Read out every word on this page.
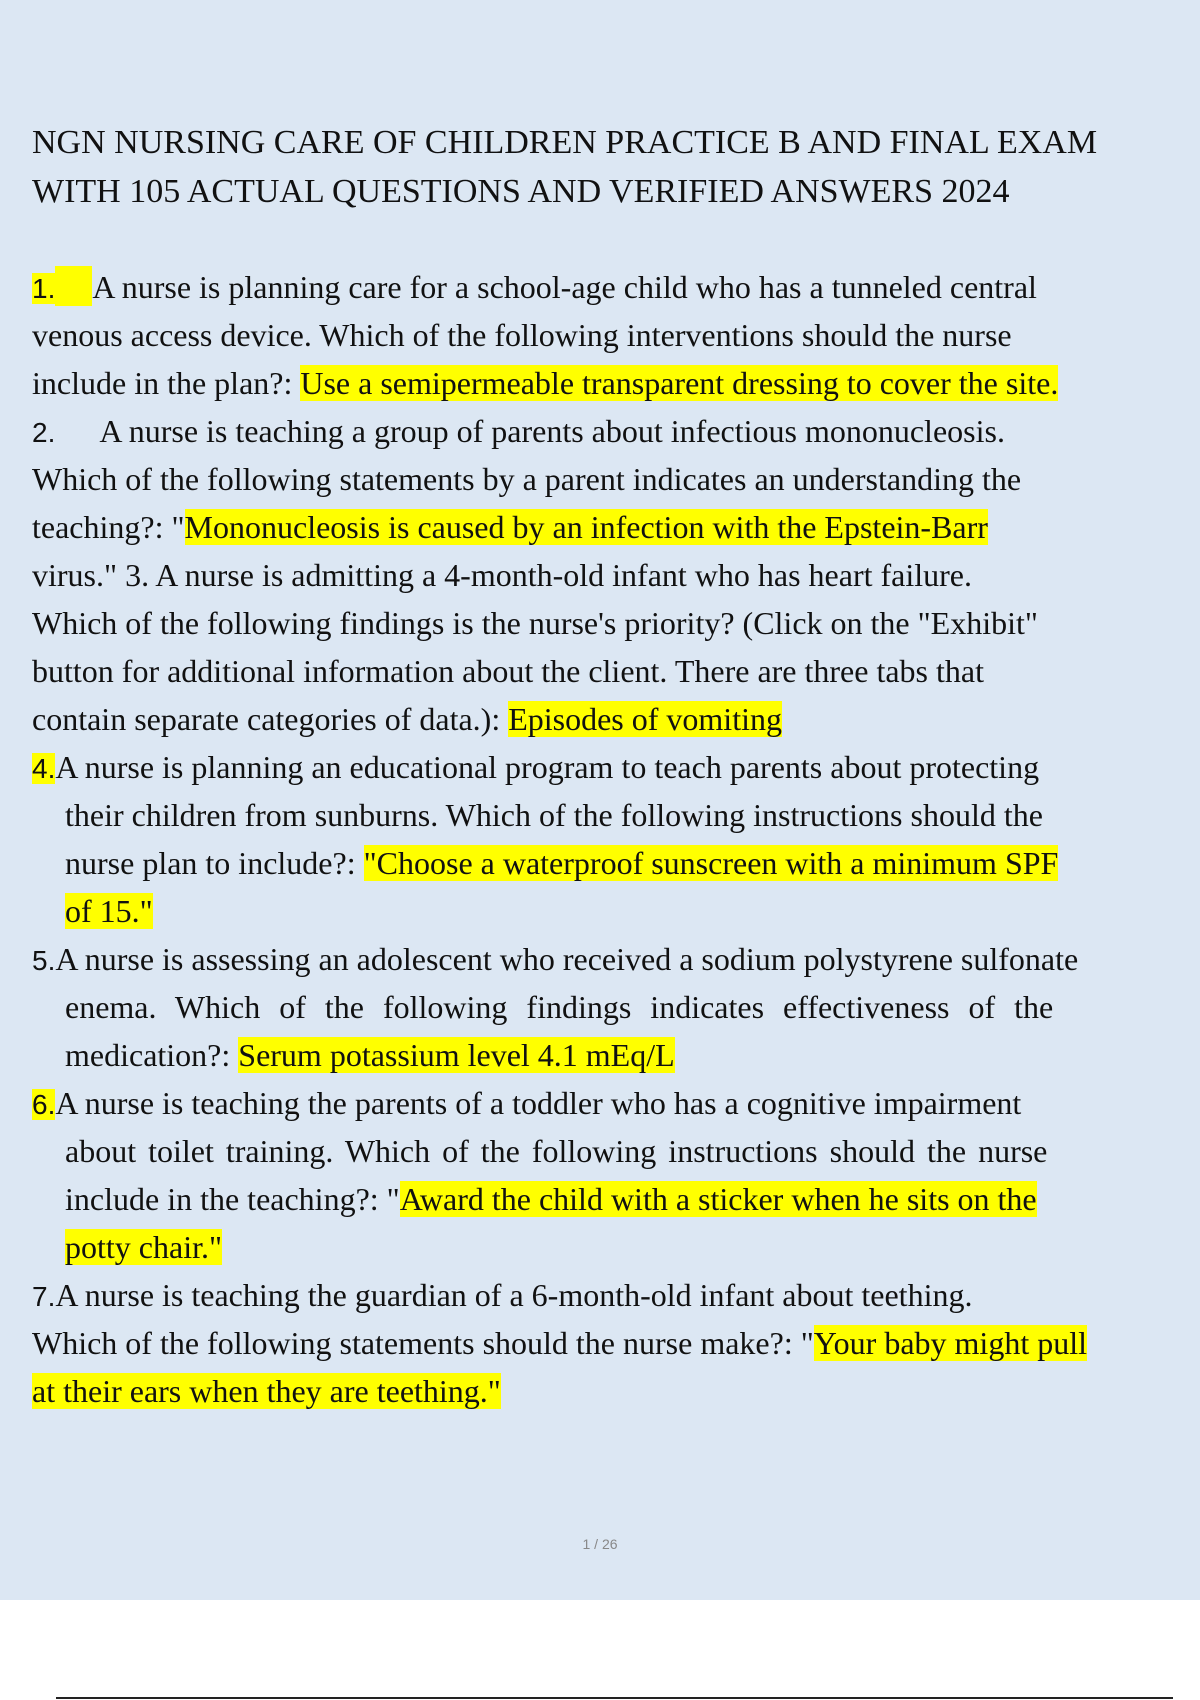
NGN NURSING CARE OF CHILDREN PRACTICE B AND FINAL EXAM
WITH 105 ACTUAL QUESTIONS AND VERIFIED ANSWERS 2024
1. A nurse is planning care for a school-age child who has a tunneled central
venous access device. Which of the following interventions should the nurse
include in the plan?: Use a semipermeable transparent dressing to cover the site.
2. A nurse is teaching a group of parents about infectious mononucleosis.
Which of the following statements by a parent indicates an understanding the
teaching?: "Mononucleosis is caused by an infection with the Epstein-Barr
virus." 3. A nurse is admitting a 4-month-old infant who has heart failure.
Which of the following findings is the nurse's priority? (Click on the "Exhibit"
button for additional information about the client. There are three tabs that
contain separate categories of data.): Episodes of vomiting
4.A nurse is planning an educational program to teach parents about protecting
their children from sunburns. Which of the following instructions should the
nurse plan to include?: "Choose a waterproof sunscreen with a minimum SPF
of 15."
5.A nurse is assessing an adolescent who received a sodium polystyrene sulfonate
enema. Which of the following findings indicates effectiveness of the
medication?: Serum potassium level 4.1 mEq/L
6.A nurse is teaching the parents of a toddler who has a cognitive impairment
about toilet training. Which of the following instructions should the nurse
include in the teaching?: "Award the child with a sticker when he sits on the
potty chair."
7.A nurse is teaching the guardian of a 6-month-old infant about teething.
Which of the following statements should the nurse make?: "Your baby might pull
at their ears when they are teething."
1 / 26
